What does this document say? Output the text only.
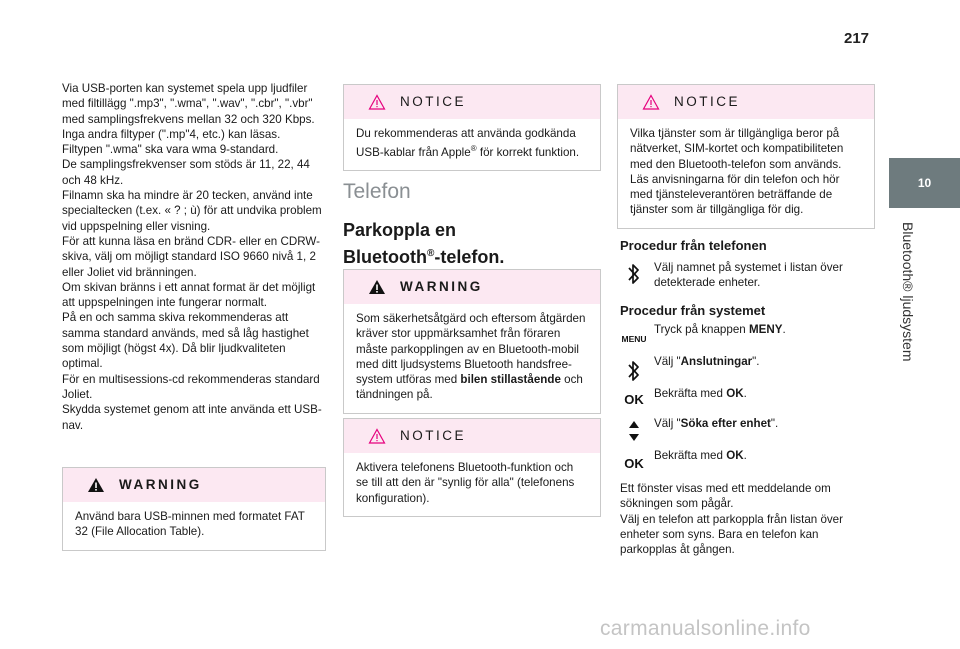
217
10
Bluetooth® ljudsystem

Via USB-porten kan systemet spela upp ljudfiler med filtillägg ".mp3", ".wma", ".wav", ".cbr", ".vbr" med samplingsfrekvens mellan 32 och 320 Kbps.

Inga andra filtyper (".mp"4, etc.) kan läsas.

Filtypen ".wma" ska vara wma 9-standard.

De samplingsfrekvenser som stöds är 11, 22, 44 och 48 kHz.

Filnamn ska ha mindre är 20 tecken, använd inte specialtecken (t.ex. « ? ; ù) för att undvika problem vid uppspelning eller visning.

För att kunna läsa en bränd CDR- eller en CDRW-skiva, välj om möjligt standard ISO 9660 nivå 1, 2 eller Joliet vid bränningen.

Om skivan bränns i ett annat format är det möjligt att uppspelningen inte fungerar normalt.

På en och samma skiva rekommenderas att samma standard används, med så låg hastighet som möjligt (högst 4x). Då blir ljudkvaliteten optimal.

För en multisessions-cd rekommenderas standard Joliet.

Skydda systemet genom att inte använda ett USB-nav.

WARNING
Använd bara USB-minnen med formatet FAT 32 (File Allocation Table).
NOTICE
Du rekommenderas att använda godkända USB-kablar från Apple® för korrekt funktion.
Telefon
Parkoppla en
Bluetooth®-telefon.
WARNING
Som säkerhetsåtgärd och eftersom åtgärden kräver stor uppmärksamhet från föraren måste parkopplingen av en Bluetooth-mobil med ditt ljudsystems Bluetooth handsfree-system utföras med bilen stillastående och tändningen på.
NOTICE
Aktivera telefonens Bluetooth-funktion och se till att den är "synlig för alla" (telefonens konfiguration).
NOTICE
Vilka tjänster som är tillgängliga beror på nätverket, SIM-kortet och kompatibiliteten med den Bluetooth-telefon som används. Läs anvisningarna för din telefon och hör med tjänsteleverantören beträffande de tjänster som är tillgängliga för dig.
Procedur från telefonen
Välj namnet på systemet i listan över detekterade enheter.
Procedur från systemet
MENU
Tryck på knappen MENY.
Välj "Anslutningar".
OK Bekräfta med OK.
Välj "Söka efter enhet".
OK
Bekräfta med OK.
Ett fönster visas med ett meddelande om sökningen som pågår.
Välj en telefon att parkoppla från listan över enheter som syns. Bara en telefon kan parkopplas åt gången.
carmanualsonline.info
